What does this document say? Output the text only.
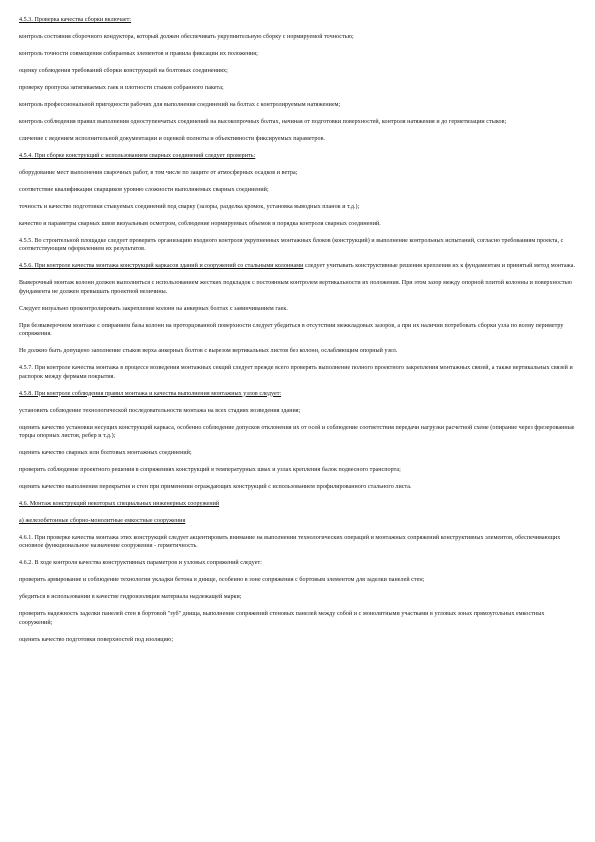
4.5.3. Проверка качества сборки включает:

контроль состояния сборочного кондуктора, который должен обеспечивать укрупнительную сборку с нормируемой точностью;

контроль точности совмещения собираемых элементов и правила фиксации их положения;

оценку соблюдения требований сборки конструкций на болтовых соединениях;

проверку пропуска затягиваемых гаек и плотности стыков собранного пакета;

контроль профессиональной пригодности рабочих для выполнения соединений на болтах с контролируемым натяжением;

контроль соблюдения правил выполнения одноступенчатых соединений на высокопрочных болтах, начиная от подготовки поверхностей, контроля натяжения и до герметизации стыков;

сличение с ведением исполнительной документации и оценкой полноты и объективности фиксируемых параметров.

4.5.4. При сборке конструкций с использованием сварных соединений следует проверить:

оборудование мест выполнения сварочных работ, в том числе по защите от атмосферных осадков и ветра;

соответствие квалификации сварщиков уровню сложности выполняемых сварных соединений;

точность и качество подготовки стыкуемых соединений под сварку (зазоры, разделка кромок, установка выводных планок и т.д.);

качество и параметры сварных швов визуальным осмотром, соблюдение нормируемых объемов и порядка контроля сварных соединений.

4.5.5. Во строительной площадке следует проверить организацию входного контроля укрупненных монтажных блоков (конструкций) и выполнение контрольных испытаний, согласно требованиям проекта, с соответствующим оформлением их результатов.

4.5.6. При контроле качества монтажа конструкций каркасов зданий и сооружений со стальными колоннами следует учитывать конструктивные решения крепления их к фундаментам и принятый метод монтажа.

Выверочный монтаж колонн должен выполняться с использованием жестких подкладок с постоянным контролем вертикальности их положения. При этом зазор между опорной плитой колонны и поверхностью фундамента не должен превышать проектной величины.

Следует визуально проконтролировать закрепление колонн на анкерных болтах с завинчиванием гаек.

При безвыверочном монтаже с опиранием базы колонн на проторцованной поверхности следует убедиться в отсутствии межкладовых зазоров, а при их наличии потребовать сборки узла по всему периметру сопряжения.

Не должно быть допущено заполнение стыков верха анкерных болтов с вырезом вертикальных листов без колонн, ослабляющим опорный узел.

4.5.7. При контроле качества монтажа в процессе возведения монтажных секций следует прежде всего проверять выполнение полного проектного закрепления монтажных связей, а также вертикальных связей и распорок между фермами покрытия.

4.5.8. При контроле соблюдения правил монтажа и качества выполнения монтажных узлов следует:

установить соблюдение технологической последовательности монтажа на всех стадиях возведения здания;

оценить качество установки несущих конструкций каркаса, особенно соблюдение допусков отклонения их от осей и соблюдение соответствия передачи нагрузки расчетной схеме (опирание через фрезерованные торцы опорных листов, ребер и т.д.);

оценить качество сварных или болтовых монтажных соединений;

проверить соблюдение проектного решения в сопряжениях конструкций в температурных швах и узлах крепления балок подвесного транспорта;

оценить качество выполнения перекрытия и стен при применении ограждающих конструкций с использованием профилированного стального листа.

4.6. Монтаж конструкций некоторых специальных инженерных сооружений

а) железобетонные сборно-монолитные емкостные сооружения

4.6.1. При проверке качества монтажа этих конструкций следует акцентировать внимание на выполнении технологических операций и монтажных сопряжений конструктивных элементов, обеспечивающих основное функциональное назначение сооружения - герметичность.

4.6.2. В ходе контроля качества конструктивных параметров и узловых сопряжений следует:

проверить армирование и соблюдение технологии укладки бетона в днище, особенно в зоне сопряжения с бортовым элементом для заделки панелей стен;

убедиться в использовании в качестве гидроизоляции материала надлежащей марки;

проверить надежность заделки панелей стен в бортовой "зуб" днища, выполнение сопряжений стеновых панелей между собой и с монолитными участками в угловых зонах прямоугольных емкостных сооружений;

оценить качество подготовки поверхностей под изоляцию;
